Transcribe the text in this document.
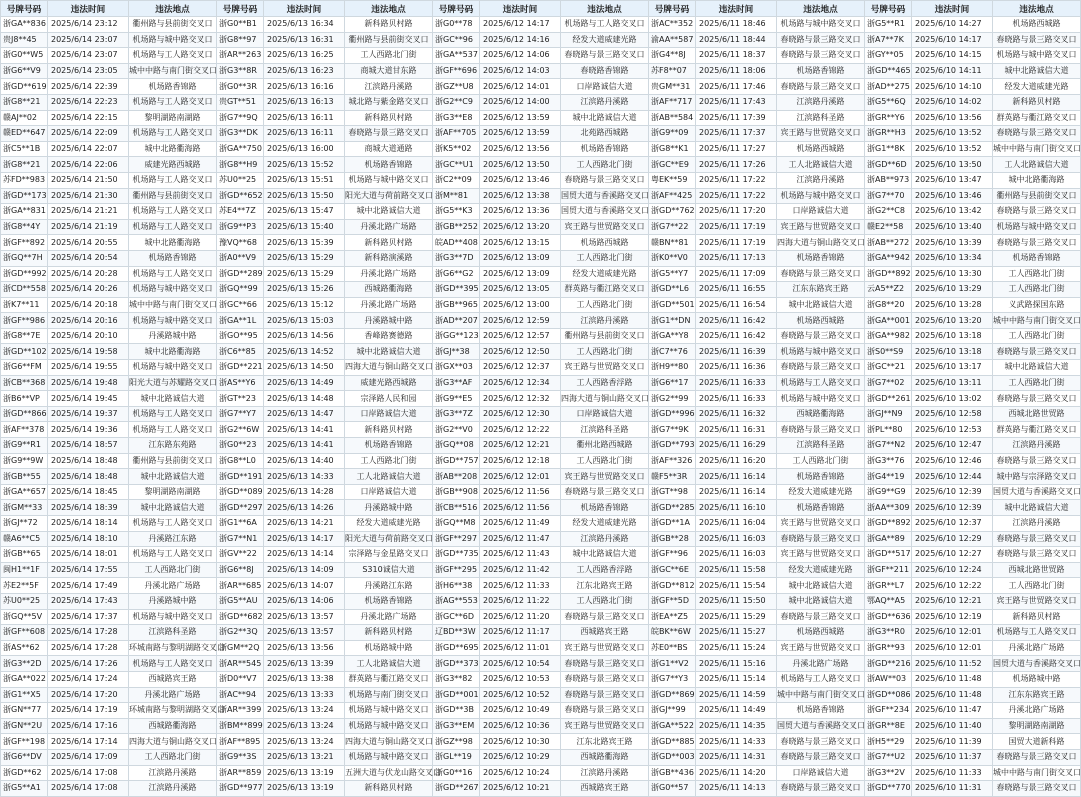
号牌号码	违法时间	违法地点	号牌号码	违法时间	违法地点	号牌号码	违法时间	违法地点	号牌号码	违法时间	违法地点	号牌号码	违法时间	违法地点
浙GA**836	2025/6/14 23:12	衢州路与县前街交叉口	浙G0**B1	2025/6/13 16:34	新科路贝村路	浙G0**78	2025/6/12 14:17	机场路与工人路交叉口	浙AC**352	2025/6/11 18:46	机场路与城中路交叉口	浙G5**R1	2025/6/10 14:27	机场路西城路
贵J8**45	2025/6/14 23:07	机场路与城中路交叉口	浙G8**97	2025/6/13 16:31	衢州路与县前街交叉口	浙GC**96	2025/6/12 14:16	经发大道威建光路	渝AA**587	2025/6/11 18:44	春晓路与景三路交叉口	浙A7**7K	2025/6/10 14:17	春晓路与景三路交叉口
浙G0**W5	2025/6/14 23:07	机场路与工人路交叉口	浙AR**263	2025/6/13 16:25	工人西路北门街	浙GA**537	2025/6/12 14:06	春晓路与景三路交叉口	浙G4**8J	2025/6/11 18:37	春晓路与景三路交叉口	浙GY**05	2025/6/10 14:15	机场路与城中路交叉口
浙G6**V9	2025/6/14 23:05	城中中路与南门街交叉口	浙G3**8R	2025/6/13 16:23	商城大道甘东路	浙GF**696	2025/6/12 14:03	春晓路香锦路	苏F8**07	2025/6/11 18:06	机场路香锦路	浙GD**465	2025/6/10 14:11	城中北路诚信大道
浙GD**619	2025/6/14 22:39	机场路香锦路	浙G0**3R	2025/6/13 16:16	江滨路丹溪路	浙GZ**U8	2025/6/12 14:01	口岸路诚信大道	贵GM**31	2025/6/11 17:46	春晓路与景三路交叉口	浙AD**275	2025/6/10 14:10	经发大道威建光路
浙G8**21	2025/6/14 22:23	机场路与工人路交叉口	贵GT**51	2025/6/13 16:13	城北路与紫金路交叉口	浙G2**C9	2025/6/12 14:00	江滨路丹溪路	浙AF**717	2025/6/11 17:43	江滨路丹溪路	浙G5**6Q	2025/6/10 14:02	新科路贝村路
赣AJ**02	2025/6/14 22:15	黎明湖路南湖路	浙G7**9Q	2025/6/13 16:11	新科路贝村路	浙G3**E8	2025/6/12 13:59	城中北路诚信大道	浙AB**584	2025/6/11 17:39	江滨路科圣路	浙GR**Y6	2025/6/10 13:56	群英路与衢江路交叉口
赣ED**647	2025/6/14 22:09	机场路与工人路交叉口	浙G3**DK	2025/6/13 16:11	春晓路与景三路交叉口	浙AF**705	2025/6/12 13:59	北苑路西城路	浙G9**09	2025/6/11 17:37	宾王路与世贸路交叉口	浙GR**H3	2025/6/10 13:52	春晓路与景三路交叉口
浙C5**1B	2025/6/14 22:07	城中北路衢海路	浙GA**750	2025/6/13 16:00	商城大道通路	浙K5**02	2025/6/12 13:56	机场路香锦路	浙G8**K1	2025/6/11 17:27	机场路西城路	浙G1**8K	2025/6/10 13:52	城中中路与南门街交叉口
浙G8**21	2025/6/14 22:06	威建光路西城路	浙G8**H9	2025/6/13 15:52	机场路香锦路	浙GC**U1	2025/6/12 13:50	工人西路北门街	浙GC**E9	2025/6/11 17:26	工人北路诚信大道	浙GD**6D	2025/6/10 13:50	工人北路诚信大道
苏FD**983	2025/6/14 21:50	机场路与工人路交叉口	苏U0**25	2025/6/13 15:51	机场路与城中路交叉口	浙C2**09	2025/6/12 13:46	春晓路与景三路交叉口	粤EK**59	2025/6/11 17:22	江滨路丹溪路	浙AB**973	2025/6/10 13:47	城中北路衢海路
浙GD**173	2025/6/14 21:30	衢州路与县前街交叉口	浙GD**652	2025/6/13 15:50	阳光大道与荷前路交叉口	浙M**81	2025/6/12 13:38	国贸大道与香溪路交叉口	浙AF**425	2025/6/11 17:22	机场路与城中路交叉口	浙G7**70	2025/6/10 13:46	衢州路与县前街交叉口
浙GA**831	2025/6/14 21:21	机场路与工人路交叉口	苏E4**7Z	2025/6/13 15:47	城中北路诚信大道	浙G5**K3	2025/6/12 13:36	国贸大道与香溪路交叉口	浙GD**762	2025/6/11 17:20	口岸路诚信大道	浙G2**C8	2025/6/10 13:42	春晓路与景三路交叉口
浙G8**4Y	2025/6/14 21:19	机场路与工人路交叉口	浙G9**P3	2025/6/13 15:40	丹溪北路广场路	浙GB**252	2025/6/12 13:20	宾王路与世贸路交叉口	浙G7**22	2025/6/11 17:19	宾王路与世贸路交叉口	赣E2**58	2025/6/10 13:40	机场路与城中路交叉口
浙GF**892	2025/6/14 20:55	城中北路衢海路	豫VQ**68	2025/6/13 15:39	新科路贝村路	皖AD**408	2025/6/12 13:15	机场路西城路	赣BN**81	2025/6/11 17:19	四海大道与铜山路交叉口	浙AB**272	2025/6/10 13:39	春晓路与景三路交叉口
浙GQ**7H	2025/6/14 20:54	机场路香锦路	浙A0**V9	2025/6/13 15:29	新科路演溪路	浙G3**7D	2025/6/12 13:09	工人西路北门街	浙K0**V0	2025/6/11 17:13	机场路香锦路	浙GA**942	2025/6/10 13:34	机场路香锦路
浙GD**992	2025/6/14 20:28	机场路与工人路交叉口	浙GD**289	2025/6/13 15:29	丹溪北路广场路	浙G6**G2	2025/6/12 13:09	经发大道威建光路	浙G5**Y7	2025/6/11 17:09	春晓路与景三路交叉口	浙GD**892	2025/6/10 13:30	工人西路北门街
浙CD**558	2025/6/14 20:26	机场路与城中路交叉口	浙GQ**99	2025/6/13 15:26	西城路衢海路	浙GD**395	2025/6/12 13:05	群英路与衢江路交叉口	浙GD**L6	2025/6/11 16:55	江东东路宾王路	云A5**Z2	2025/6/10 13:29	工人西路北门街
浙K7**11	2025/6/14 20:18	城中中路与南门街交叉口	浙GC**66	2025/6/13 15:12	丹溪北路广场路	浙GB**965	2025/6/12 13:00	工人西路北门街	浙GD**501	2025/6/11 16:54	城中北路诚信大道	浙G8**20	2025/6/10 13:28	义武路探国东路
浙GF**986	2025/6/14 20:16	机场路与城中路交叉口	浙GA**1L	2025/6/13 15:03	丹溪路城中路	浙AD**207	2025/6/12 12:59	江滨路丹溪路	浙G1**DN	2025/6/11 16:42	机场路西城路	浙GA**001	2025/6/10 13:20	城中中路与南门街交叉口
浙G8**7E	2025/6/14 20:10	丹溪路城中路	浙GO**95	2025/6/13 14:56	香峰路赛德路	浙GG**123	2025/6/12 12:57	衢州路与县前街交叉口	浙GA**Y8	2025/6/11 16:42	春晓路与景三路交叉口	浙GA**982	2025/6/10 13:18	工人西路北门街
浙GD**102	2025/6/14 19:58	城中北路衢海路	浙C6**85	2025/6/13 14:52	城中北路诚信大道	浙GJ**38	2025/6/12 12:50	工人西路北门街	浙C7**76	2025/6/11 16:39	机场路与城中路交叉口	浙S0**S9	2025/6/10 13:18	春晓路与景三路交叉口
浙G6**FM	2025/6/14 19:55	机场路与城中路交叉口	浙GD**221	2025/6/13 14:50	四海大道与铜山路交叉口	浙GX**03	2025/6/12 12:37	宾王路与世贸路交叉口	浙H9**80	2025/6/11 16:36	春晓路与景三路交叉口	浙GC**21	2025/6/10 13:17	城中北路诚信大道
浙CB**368	2025/6/14 19:48	阳光大道与苏耀路交叉口	浙AS**Y6	2025/6/13 14:49	威建光路西城路	浙G3**AF	2025/6/12 12:34	工人西路香浮路	浙G6**17	2025/6/11 16:33	机场路与工人路交叉口	浙G7**02	2025/6/10 13:11	工人西路北门街
浙B6**VP	2025/6/14 19:45	城中北路诚信大道	浙GT**23	2025/6/13 14:48	宗泽路人民和园	浙G9**E5	2025/6/12 12:32	四海大道与铜山路交叉口	浙G2**99	2025/6/11 16:33	机场路与城中路交叉口	浙GD**261	2025/6/10 13:02	春晓路与景三路交叉口
浙GD**866	2025/6/14 19:37	机场路与工人路交叉口	浙G7**Y7	2025/6/13 14:47	口岸路诚信大道	浙G3**7Z	2025/6/12 12:30	口岸路诚信大道	浙GD**996	2025/6/11 16:32	西城路衢海路	浙GJ**N9	2025/6/10 12:58	西城北路世贸路
浙AF**378	2025/6/14 19:36	机场路与工人路交叉口	浙G2**6W	2025/6/13 14:41	新科路贝村路	浙G2**V0	2025/6/12 12:22	江滨路科圣路	浙G7**9K	2025/6/11 16:31	春晓路与景三路交叉口	浙PL**80	2025/6/10 12:53	群英路与衢江路交叉口
浙G9**R1	2025/6/14 18:57	江东路东苑路	浙G0**23	2025/6/13 14:41	机场路香锦路	浙GQ**08	2025/6/12 12:21	衢州北路西城路	浙GD**793	2025/6/11 16:29	江滨路科圣路	浙G7**N2	2025/6/10 12:47	江滨路丹溪路
浙G9**9W	2025/6/14 18:48	衢州路与县前街交叉口	浙G8**L0	2025/6/13 14:40	工人西路北门街	浙GD**757	2025/6/12 12:18	工人西路北门街	浙AF**326	2025/6/11 16:20	工人西路北门街	浙G3**76	2025/6/10 12:46	春晓路与景三路交叉口
浙GB**55	2025/6/14 18:48	城中北路诚信大道	浙GD**191	2025/6/13 14:33	工人北路诚信大道	浙AB**208	2025/6/12 12:01	宾王路与世贸路交叉口	赣F5**3R	2025/6/11 16:14	机场路香锦路	浙G4**19	2025/6/10 12:44	城中路与宗泽路交叉口
浙GA**657	2025/6/14 18:45	黎明湖路南湖路	浙GD**089	2025/6/13 14:28	口岸路诚信大道	浙GB**908	2025/6/12 11:56	春晓路与景三路交叉口	浙GT**98	2025/6/11 16:14	经发大道威建光路	浙G9**G9	2025/6/10 12:39	国贸大道与香溪路交叉口
浙GM**33	2025/6/14 18:39	城中北路诚信大道	浙GD**297	2025/6/13 14:26	丹溪路城中路	浙CB**516	2025/6/12 11:56	机场路香锦路	浙GD**285	2025/6/11 16:10	机场路香锦路	浙AA**309	2025/6/10 12:39	城中北路诚信大道
浙GJ**72	2025/6/14 18:14	机场路与工人路交叉口	浙G1**6A	2025/6/13 14:21	经发大道威建光路	浙GQ**M8	2025/6/12 11:49	经发大道威建光路	浙GD**1A	2025/6/11 16:04	宾王路与世贸路交叉口	浙GD**892	2025/6/10 12:37	江滨路丹溪路
赣A6**C5	2025/6/14 18:10	丹溪路江东路	浙G7**N1	2025/6/13 14:17	阳光大道与荷前路交叉口	浙GF**297	2025/6/12 11:47	江滨路丹溪路	浙GB**28	2025/6/11 16:03	春晓路与景三路交叉口	浙GA**89	2025/6/10 12:29	春晓路与景三路交叉口
浙GB**65	2025/6/14 18:01	机场路与工人路交叉口	浙GV**22	2025/6/13 14:14	宗泽路与金星路交叉口	浙GD**735	2025/6/12 11:43	城中北路诚信大道	浙GF**96	2025/6/11 16:03	宾王路与世贸路交叉口	浙GD**517	2025/6/10 12:27	春晓路与景三路交叉口
闽H1**1F	2025/6/14 17:55	工人西路北门街	浙G6**8J	2025/6/13 14:09	S310诚信大道	浙GF**295	2025/6/12 11:42	工人西路香浮路	浙GC**6E	2025/6/11 15:58	经发大道威建光路	浙GF**211	2025/6/10 12:24	西城北路世贸路
苏E2**5F	2025/6/14 17:49	丹溪北路广场路	浙AR**685	2025/6/13 14:07	丹溪路江东路	浙H6**38	2025/6/12 11:33	江东北路宾王路	浙GD**812	2025/6/11 15:54	城中北路诚信大道	浙GR**L7	2025/6/10 12:22	工人西路北门街
苏U0**25	2025/6/14 17:43	丹溪路城中路	浙G5**AU	2025/6/13 14:06	机场路香锦路	浙AG**553	2025/6/12 11:22	工人西路北门街	浙GF**5D	2025/6/11 15:50	城中北路诚信大道	鄂AQ**A5	2025/6/10 12:21	宾王路与世贸路交叉口
浙GQ**5V	2025/6/14 17:37	机场路与城中路交叉口	浙GD**682	2025/6/13 13:57	丹溪北路广场路	浙GC**6D	2025/6/12 11:20	春晓路与景三路交叉口	浙EA**Z5	2025/6/11 15:29	春晓路与景三路交叉口	浙GD**636	2025/6/10 12:19	新科路贝村路
浙GF**608	2025/6/14 17:28	江滨路科圣路	浙G2**3Q	2025/6/13 13:57	新科路贝村路	辽BD**3W	2025/6/12 11:17	西城路宾王路	皖BK**6W	2025/6/11 15:27	机场路西城路	浙G3**R0	2025/6/10 12:01	机场路与工人路交叉口
浙AS**62	2025/6/14 17:28	环城南路与黎明湖路交叉口	浙GM**2Q	2025/6/13 13:56	机场路城中路	浙GD**695	2025/6/12 11:01	宾王路与世贸路交叉口	苏E0**BS	2025/6/11 15:24	宾王路与世贸路交叉口	浙GR**93	2025/6/10 12:01	丹溪北路广场路
浙G3**2D	2025/6/14 17:26	机场路与工人路交叉口	浙AR**545	2025/6/13 13:39	工人北路诚信大道	浙GD**373	2025/6/12 10:54	春晓路与景三路交叉口	浙G1**V2	2025/6/11 15:16	丹溪北路广场路	浙GD**216	2025/6/10 11:52	国贸大道与香溪路交叉口
浙GA**022	2025/6/14 17:24	西城路宾王路	浙D0**V7	2025/6/13 13:38	群英路与衢江路交叉口	浙G3**82	2025/6/12 10:53	春晓路与景三路交叉口	浙G7**Y3	2025/6/11 15:14	机场路与工人路交叉口	浙AW**03	2025/6/10 11:48	机场路城中路
浙G1**X5	2025/6/14 17:20	丹溪北路广场路	浙AC**94	2025/6/13 13:33	机场路与南门街交叉口	浙GD**001	2025/6/12 10:52	春晓路与景三路交叉口	浙GD**869	2025/6/11 14:59	城中中路与南门街交叉口	浙GD**086	2025/6/10 11:48	江东东路宾王路
浙GN**77	2025/6/14 17:19	环城南路与黎明湖路交叉口	浙AR**399	2025/6/13 13:24	机场路与城中路交叉口	浙GD**3B	2025/6/12 10:49	春晓路与景三路交叉口	浙GJ**99	2025/6/11 14:49	机场路香锦路	浙GF**234	2025/6/10 11:47	丹溪北路广场路
浙GN**2U	2025/6/14 17:16	西城路衢海路	浙BM**899	2025/6/13 13:24	机场路与城中路交叉口	浙G3**EM	2025/6/12 10:36	宾王路与世贸路交叉口	浙GA**522	2025/6/11 14:35	国贸大道与香溪路交叉口	浙GR**8E	2025/6/10 11:40	黎明湖路南湖路
浙GF**198	2025/6/14 17:14	四海大道与铜山路交叉口	浙AF**895	2025/6/13 13:24	四海大道与铜山路交叉口	浙GZ**98	2025/6/12 10:30	江东北路宾王路	浙GD**885	2025/6/11 14:33	春晓路与景三路交叉口	浙H5**29	2025/6/10 11:39	国贸大道新科路
浙G6**DV	2025/6/14 17:09	工人西路北门街	浙G9**3S	2025/6/13 13:21	机场路与城中路交叉口	浙GL**19	2025/6/12 10:29	西城路衢海路	浙GD**003	2025/6/11 14:31	春晓路与景三路交叉口	浙G7**U2	2025/6/10 11:37	春晓路与景三路交叉口
浙GD**62	2025/6/14 17:08	江滨路丹溪路	浙AR**859	2025/6/13 13:19	五洲大道与伏龙山路交叉口	浙G0**16	2025/6/12 10:24	江滨路丹溪路	浙GB**436	2025/6/11 14:20	口岸路诚信大道	浙G3**2V	2025/6/10 11:33	城中中路与南门街交叉口
浙G5**A1	2025/6/14 17:08	江滨路丹溪路	浙GD**977	2025/6/13 13:19	新科路贝村路	浙GD**267	2025/6/12 10:21	西城路宾王路	浙G0**57	2025/6/11 14:13	春晓路与景三路交叉口	浙GD**770	2025/6/10 11:31	春晓路与景三路交叉口
